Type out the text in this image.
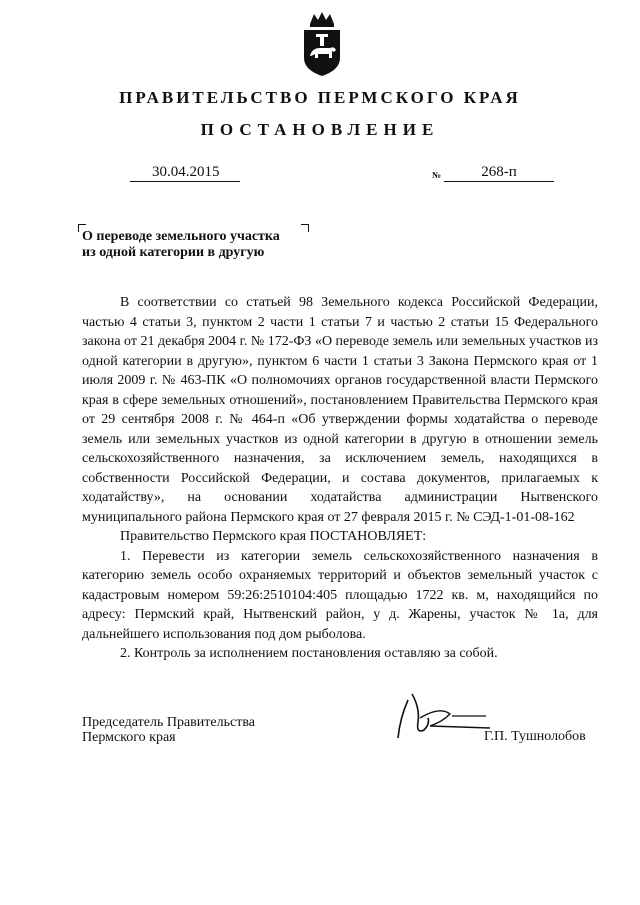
ПРАВИТЕЛЬСТВО ПЕРМСКОГО КРАЯ
ПОСТАНОВЛЕНИЕ
30.04.2015	№	268-п
О переводе земельного участка
из одной категории в другую

В соответствии со статьей 98 Земельного кодекса Российской Федерации, частью 4 статьи 3, пунктом 2 части 1 статьи 7 и частью 2 статьи 15 Федерального закона от 21 декабря 2004 г. № 172-ФЗ «О переводе земель или земельных участков из одной категории в другую», пунктом 6 части 1 статьи 3 Закона Пермского края от 1 июля 2009 г. № 463-ПК «О полномочиях органов государственной власти Пермского края в сфере земельных отношений», постановлением Правительства Пермского края от 29 сентября 2008 г. № 464-п «Об утверждении формы ходатайства о переводе земель или земельных участков из одной категории в другую в отношении земель сельскохозяйственного назначения, за исключением земель, находящихся в собственности Российской Федерации, и состава документов, прилагаемых к ходатайству», на основании ходатайства администрации Нытвенского муниципального района Пермского края от 27 февраля 2015 г. № СЭД-1-01-08-162

Правительство Пермского края ПОСТАНОВЛЯЕТ:

1. Перевести из категории земель сельскохозяйственного назначения в категорию земель особо охраняемых территорий и объектов земельный участок с кадастровым номером 59:26:2510104:405 площадью 1722 кв. м, находящийся по адресу: Пермский край, Нытвенский район, у д. Жарены, участок № 1а, для дальнейшего использования под дом рыболова.

2. Контроль за исполнением постановления оставляю за собой.

Председатель Правительства
Пермского края	Г.П. Тушнолобов
